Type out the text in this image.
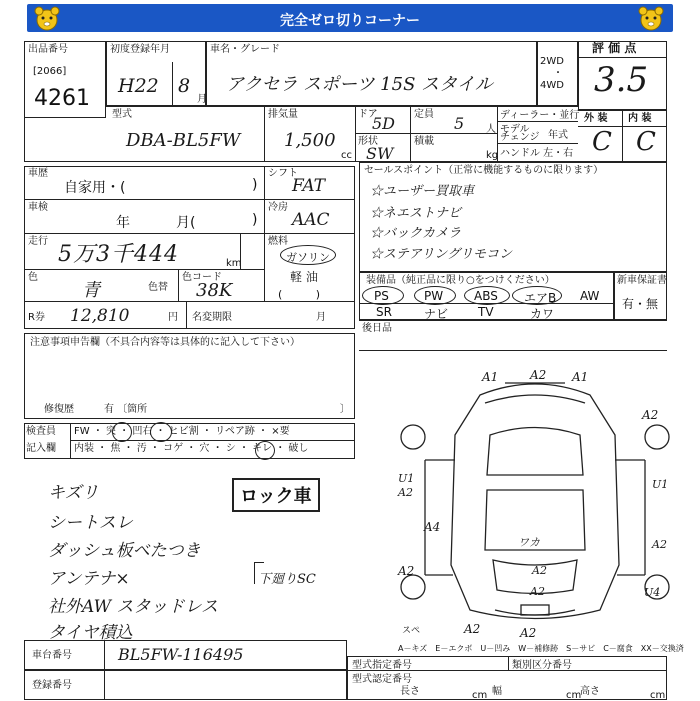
完全ゼロ切りコーナー
出品番号
[2066]
4261
初度登録年月
H22 8
月
車名・グレード
アクセラ スポーツ 15S スタイル
2WD
・
4WD
評 価 点
3.5
型式
DBA-BL5FW
排気量
1,500
cc
ドア
5D 定員 5 人
形状
SW
積載
kg
ディーラー・並行
モデル
チェンジ 年式
ハンドル 左・右
外 装 内 装
C C
車歴
自家用・(	)
車検
年	月(	)
走行
5万3千444	km
色
青	色替
色コード
38K
シフト
FAT
冷房
AAC
燃料
ガソリン
軽 油
( )
R券 12,810	円 名変期限	月
セールスポイント（正常に機能するものに限ります）
☆ユーザー買取車
☆ネエストナビ
☆バックカメラ
☆ステアリングリモコン
装備品（純正品に限り○をつけください）
PS	PW	ABS エアB AW
SR	ナビ TV	カワ
新車保証書
有・無
後日品
注意事項申告欄（不具合内容等は具体的に記入して下さい）
修復歴	有 〔箇所	〕
検査員
記入欄
FW ・ 突 ・ 凹右 ・ ヒビ割 ・ リペア跡 ・ ×要
内装 ・ 焦 ・ 汚 ・ コゲ ・ 穴 ・ シ ・ キレ ・ 破し
キズリ
シートスレ
ダッシュ板ベたつき
アンテナ×
社外AW スタッドレス
タイヤ積込
ロック車
下廻りSC
A1	A2 A1
A2
U1
A2
U1
A4
A2
ワカ
A2
A2
A2
U4
A2	A2
スペ
A－キズ　E－エクボ　U－凹み　W－補修跡　S－サビ　C－腐食　XX－交換済
車台番号	BL5FW-116495
登録番号
型式指定番号	類別区分番号
型式認定番号
長さ	cm 幅	cm
高さ	cm
